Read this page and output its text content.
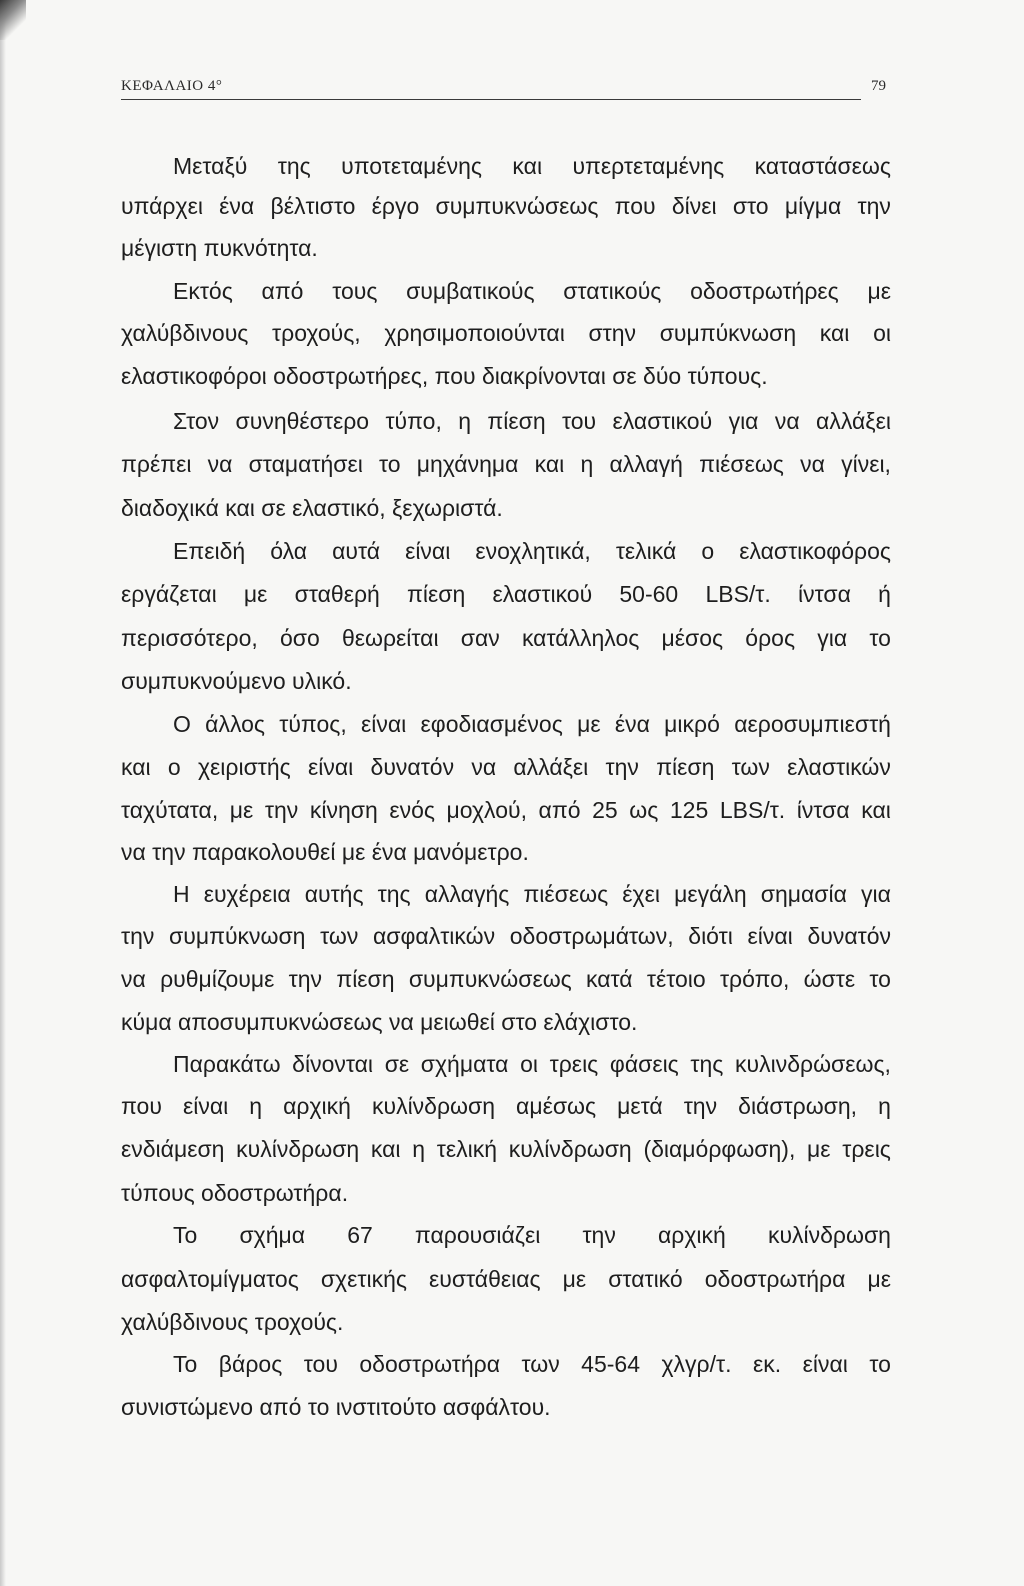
ΚΕΦΑΛΑΙΟ 4°	79
Μεταξύ της υποτεταμένης και υπερτεταμένης καταστάσεως
υπάρχει ένα βέλτιστο έργο συμπυκνώσεως που δίνει στο μίγμα την
μέγιστη πυκνότητα.
Εκτός από τους συμβατικούς στατικούς οδοστρωτήρες με
χαλύβδινους τροχούς, χρησιμοποιούνται στην συμπύκνωση και οι
ελαστικοφόροι οδοστρωτήρες, που διακρίνονται σε δύο τύπους.
Στον συνηθέστερο τύπο, η πίεση του ελαστικού για να αλλάξει
πρέπει να σταματήσει το μηχάνημα και η αλλαγή πιέσεως να γίνει,
διαδοχικά και σε ελαστικό, ξεχωριστά.
Επειδή όλα αυτά είναι ενοχλητικά, τελικά ο ελαστικοφόρος
εργάζεται με σταθερή πίεση ελαστικού 50-60 LBS/τ. ίντσα ή
περισσότερο, όσο θεωρείται σαν κατάλληλος μέσος όρος για το
συμπυκνούμενο υλικό.
Ο άλλος τύπος, είναι εφοδιασμένος με ένα μικρό αεροσυμπιεστή
και ο χειριστής είναι δυνατόν να αλλάξει την πίεση των ελαστικών
ταχύτατα, με την κίνηση ενός μοχλού, από 25 ως 125 LBS/τ. ίντσα και
να την παρακολουθεί με ένα μανόμετρο.
Η ευχέρεια αυτής της αλλαγής πιέσεως έχει μεγάλη σημασία για
την συμπύκνωση των ασφαλτικών οδοστρωμάτων, διότι είναι δυνατόν
να ρυθμίζουμε την πίεση συμπυκνώσεως κατά τέτοιο τρόπο, ώστε το
κύμα αποσυμπυκνώσεως να μειωθεί στο ελάχιστο.
Παρακάτω δίνονται σε σχήματα οι τρεις φάσεις της κυλινδρώσεως,
που είναι η αρχική κυλίνδρωση αμέσως μετά την διάστρωση, η
ενδιάμεση κυλίνδρωση και η τελική κυλίνδρωση (διαμόρφωση), με τρεις
τύπους οδοστρωτήρα.
Το σχήμα 67 παρουσιάζει την αρχική κυλίνδρωση
ασφαλτομίγματος σχετικής ευστάθειας με στατικό οδοστρωτήρα με
χαλύβδινους τροχούς.
Το βάρος του οδοστρωτήρα των 45-64 χλγρ/τ. εκ. είναι το
συνιστώμενο από το ινστιτούτο ασφάλτου.
